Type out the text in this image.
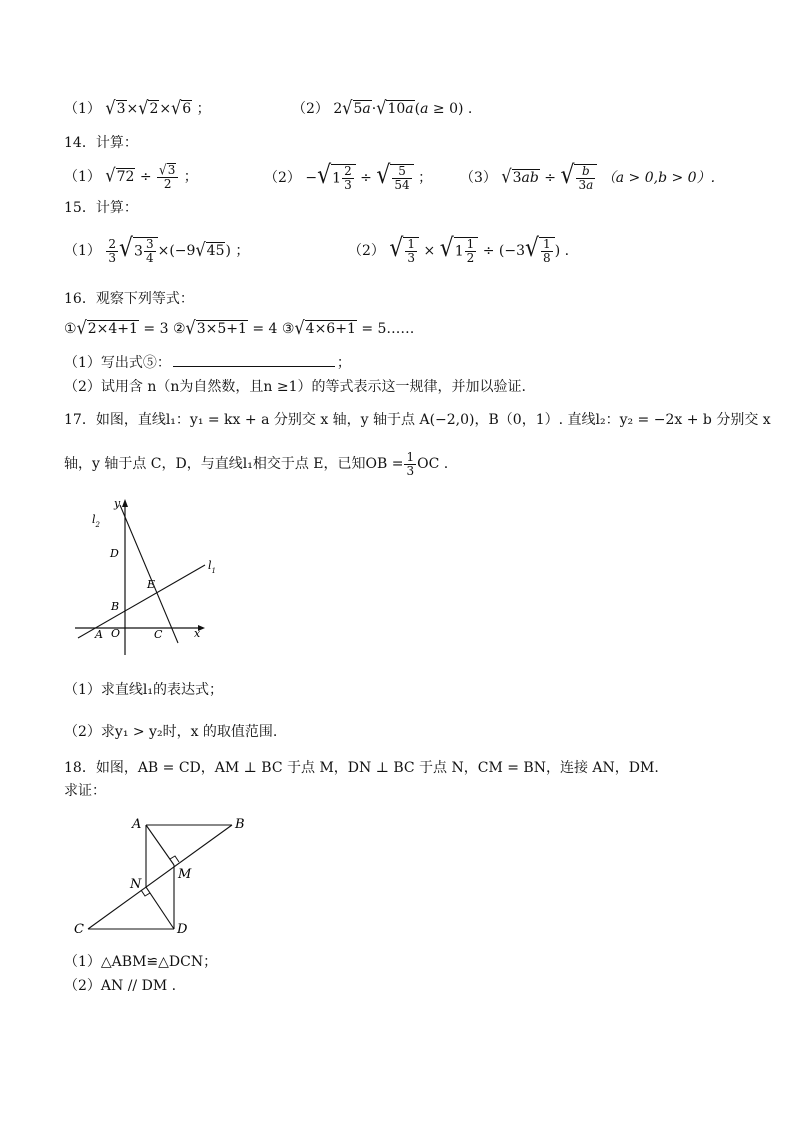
（1） √3×√2×√6 ；	（2） 2√5a·√10a(a ≥ 0) .
14．计算：
（1） $√72 \div \frac{√3}{2}$ ；	$(2) -√1 \frac{2}{3}$ ÷ √ $\frac{5}{54}$ ； （3） √3ab ÷ √ $\frac{b}{3a} (a > 0,b > 0)$.
15．计算：
$(1) \frac{2}{3} √3 \frac{3}{4} \times(-9√45)$ ；	（2） √ $\frac{1}{3} \times √1 \frac{1}{2} \div (-3√ \frac{1}{8}$ ) .
16．观察下列等式：
①√2×4+1 = 3 ②√3×5+1 = 4 ③√4×6+1 = 5……
（1）写出式⑤：	；
（2）试用含 n（n为自然数，且n ≥1）的等式表示这一规律，并加以验证.
17．如图，直线l₁：y₁ = kx + a 分别交 x 轴，y 轴于点 A(−2,0)，B（0，1）. 直线l₂：y₂ = −2x + b 分别交 x
轴，y 轴于点 C，D，与直线l₁相交于点 E，已知OB = $\frac{1}{3}$ OC .
y
x
$l_2$
$l_1$
D
E
B
A O	C
（1）求直线l₁的表达式；
（2）求y₁ > y₂时，x 的取值范围.
18．如图，AB = CD，AM ⊥ BC 于点 M，DN ⊥ BC 于点 N，CM = BN，连接 AN，DM.
求证：
A	B
M
N
C	D
（1）△ABM≌△DCN；
（2）AN // DM .
